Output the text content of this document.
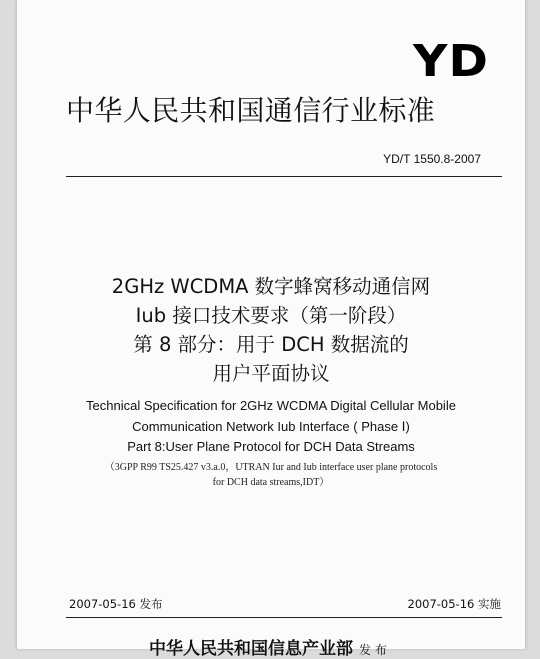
YD
中华人民共和国通信行业标准
YD/T 1550.8-2007
2GHz WCDMA 数字蜂窝移动通信网
Iub 接口技术要求（第一阶段）
第 8 部分：用于 DCH 数据流的
用户平面协议
Technical Specification for 2GHz WCDMA Digital Cellular Mobile
Communication Network Iub Interface ( Phase Ⅰ)
Part 8:User Plane Protocol for DCH Data Streams
（3GPP R99 TS25.427 v3.a.0，UTRAN Iur and Iub interface user plane protocols
for DCH data streams,IDT）
2007-05-16 发布	2007-05-16 实施
中华人民共和国信息产业部 发 布
